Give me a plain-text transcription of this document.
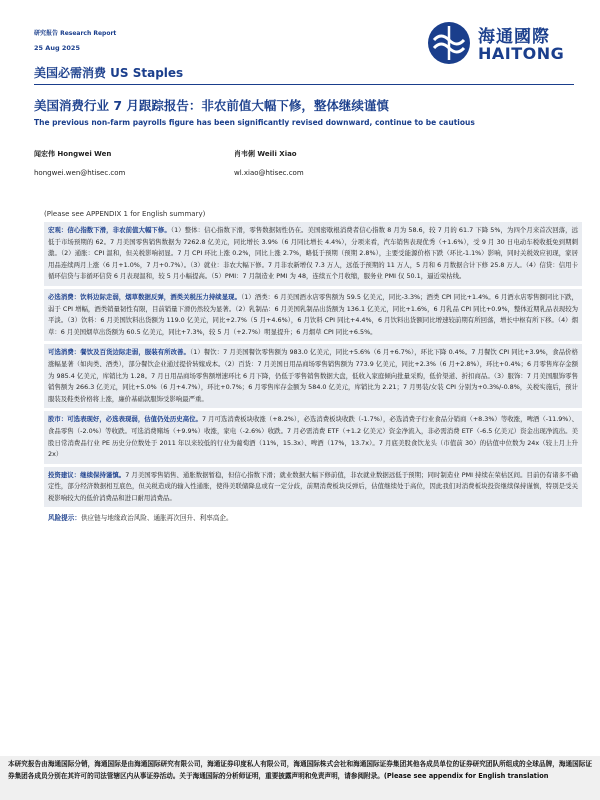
研究报告 Research Report
25 Aug 2025
海通國際
HAITONG
美国必需消费 US Staples
美国消费行业 7 月跟踪报告：非农前值大幅下修，整体继续谨慎
The previous non-farm payrolls figure has been significantly revised downward, continue to be cautious
闻宏伟 Hongwei Wen
hongwei.wen@htisec.com
肖韦俐 Weili Xiao
wl.xiao@htisec.com
(Please see APPENDIX 1 for English summary)
宏观：信心指数下滑，非农前值大幅下修。（1）整体：信心指数下滑，零售数据韧性仍在。美国密歇根消费者信心指数 8 月为 58.6，较 7 月的 61.7 下降 5%，为四个月来首次回落，远低于市场预期的 62。7 月美国零售销售数据为 7262.8 亿美元，同比增长 3.9%（6 月同比增长 4.4%），分项来看，汽车销售表现优秀（+1.6%），受 9 月 30 日电动车税收抵免到期刺激。（2）通胀：CPI 温和，但关税影响初显。7 月 CPI 环比上涨 0.2%，同比上涨 2.7%，略低于预期（预期 2.8%），主要受能源价格下跌（环比-1.1%）影响，同时关税效应初现，家居用品连续两月上涨（6 月+1.0%，7 月+0.7%）。（3）就业：非农大幅下修。7 月非农新增仅 7.3 万人，远低于预期的 11 万人，5 月和 6 月数据合计下修 25.8 万人。（4）信贷：信用卡循环信贷与非循环信贷 6 月表现温和，较 5 月小幅提高。（5）PMI：7 月制造业 PMI 为 48，连续五个月收缩，服务业 PMI 仅 50.1，逼近荣枯线。
必选消费：饮料边际走弱，烟草数据反弹，酒类关税压力持续显现。（1）酒类：6 月美国酒水店零售额为 59.5 亿美元，同比-3.3%；酒类 CPI 同比+1.4%。6 月酒水店零售额同比下跌，弱于 CPI 增幅，酒类销量韧性有限，目前销量下滑仍然较为显著。（2）乳制品：6 月美国乳制品出货额为 136.1 亿美元，同比+1.6%，6 月乳品 CPI 同比+0.9%，整体近期乳品表现较为平淡。（3）饮料：6 月美国饮料出货额为 119.0 亿美元，同比+2.7%（5 月+4.6%），6 月饮料 CPI 同比+4.4%，6 月饮料出货额同比增速较前期有所回落，增长中枢有所下移。（4）烟草：6 月美国烟草出货额为 60.5 亿美元，同比+7.3%，较 5 月（+2.7%）明显提升；6 月烟草 CPI 同比+6.5%。
可选消费：餐饮及百货边际走弱，服装有所改善。（1）餐饮：7 月美国餐饮零售额为 983.0 亿美元，同比+5.6%（6 月+6.7%），环比下降 0.4%。7 月餐饮 CPI 同比+3.9%，食品价格涨幅显著（如肉类、酒类），部分餐饮企业通过提价转嫁成本。（2）百货：7 月美国日用品商场零售销售额为 773.9 亿美元，同比+2.3%（6 月+2.8%），环比+0.4%；6 月零售库存金额为 985.4 亿美元，库销比为 1.28。7 月日用品商场零售额增速环比 6 月下降，仍低于零售销售数据大盘，低收入家庭倾向批量采购，低价渠道、折扣商品。（3）服饰：7 月美国服饰零售销售额为 266.3 亿美元，同比+5.0%（6 月+4.7%），环比+0.7%；6 月零售库存金额为 584.0 亿美元，库销比为 2.21；7 月男装/女装 CPI 分别为+0.3%/-0.8%，关税实施后，预计服装及鞋类价格将上涨，廉价基础款服饰受影响最严重。
股市：可选表现好，必选表现弱，估值仍处历史高位。7 月可选消费板块收涨（+8.2%），必选消费板块收跌（-1.7%），必选消费子行业食品分销商（+8.3%）等收涨，啤酒（-11.9%）、食品零售（-2.0%）等收跌。可选消费赌场（+9.9%）收涨，家电（-2.6%）收跌。7 月必需消费 ETF（+1.2 亿美元）资金净流入，非必需消费 ETF（-6.5 亿美元）资金出现净流出。美股日常消费品行业 PE 历史分位数处于 2011 年以来较低的行业为葡萄酒（11%，15.3x）、啤酒（17%，13.7x）。7 月底美股食饮龙头（市值前 30）的估值中位数为 24x（较上月上升 2x）
投资建议：继续保持谨慎。7 月美国零售销售、通胀数据暂稳，但信心指数下滑；就业数据大幅下修前值，非农就业数据远低于预期；同时制造业 PMI 持续在荣枯区间。目前仍有诸多不确定性，部分经济数据相互底色，但关税造成的输入性通胀，使得美联储降息或有一定分歧，前期消费板块反弹后，估值继续处于高位，因此我们对消费板块投资继续保持谨慎，特别是受关税影响较大的低价消费品和进口耐用消费品。
风险提示：供应链与地缘政治风险、通胀再次回升、利率高企。
本研究报告由海通国际分销，海通国际是由海通国际研究有限公司，海通证券印度私人有限公司，海通国际株式会社和海通国际证券集团其他各成员单位的证券研究团队所组成的全球品牌，海通国际证券集团各成员分别在其许可的司法管辖区内从事证券活动。关于海通国际的分析师证明，重要披露声明和免责声明，请参阅附录。(Please see appendix for English translation
